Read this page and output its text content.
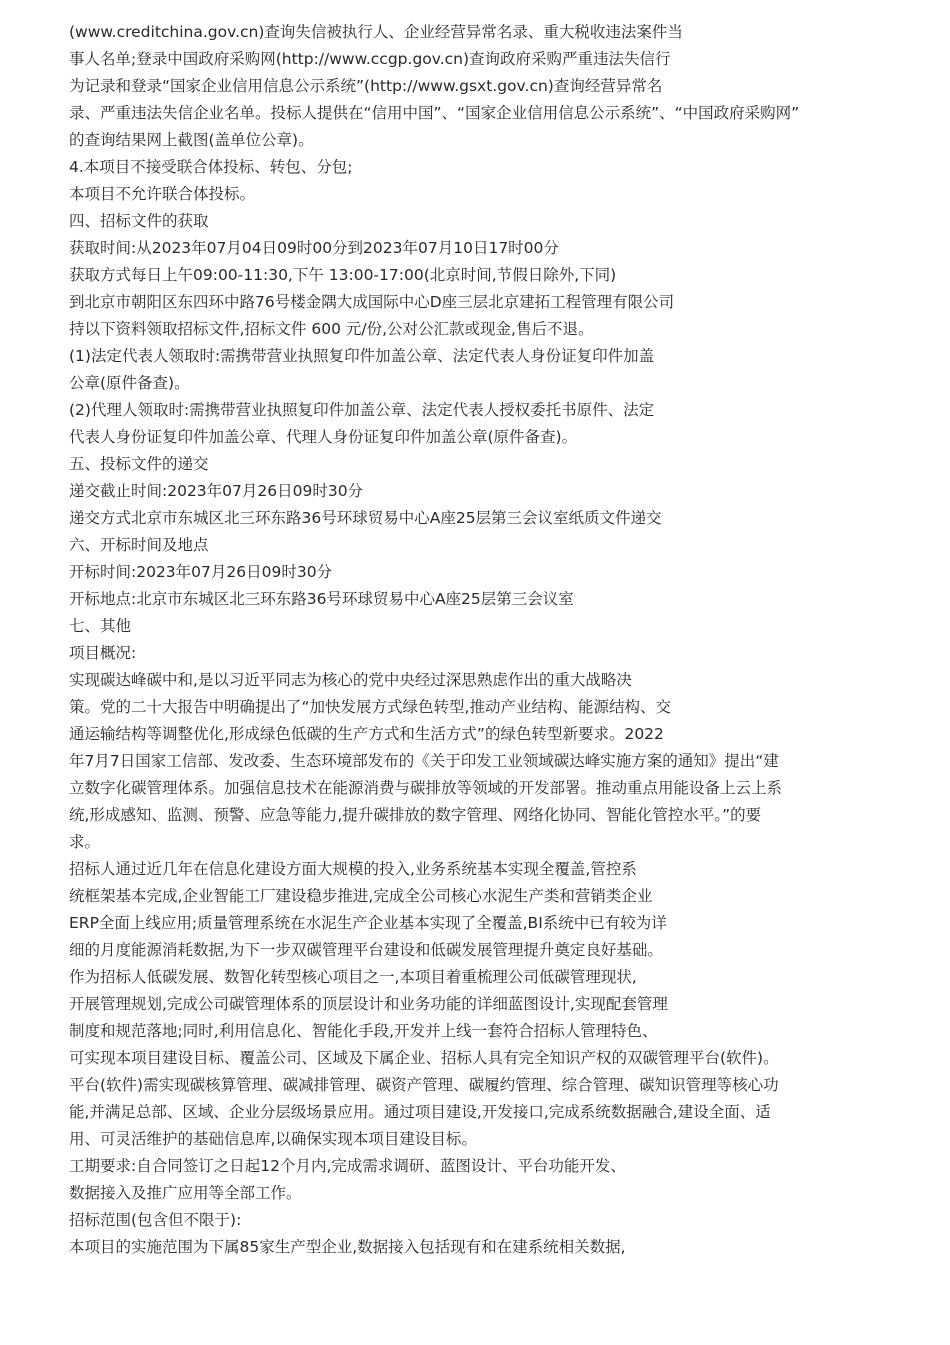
(www.creditchina.gov.cn)查询失信被执行人、企业经营异常名录、重大税收违法案件当
事人名单;登录中国政府采购网(http://www.ccgp.gov.cn)查询政府采购严重违法失信行
为记录和登录“国家企业信用信息公示系统”(http://www.gsxt.gov.cn)查询经营异常名
录、严重违法失信企业名单。投标人提供在“信用中国”、“国家企业信用信息公示系统”、“中国政府采购网”
的查询结果网上截图(盖单位公章)。
4.本项目不接受联合体投标、转包、分包;
本项目不允许联合体投标。
四、招标文件的获取
获取时间:从2023年07月04日09时00分到2023年07月10日17时00分
获取方式每日上午09:00-11:30,下午 13:00-17:00(北京时间,节假日除外,下同)
到北京市朝阳区东四环中路76号楼金隅大成国际中心D座三层北京建拓工程管理有限公司
持以下资料领取招标文件,招标文件 600 元/份,公对公汇款或现金,售后不退。
(1)法定代表人领取时:需携带营业执照复印件加盖公章、法定代表人身份证复印件加盖
公章(原件备查)。
(2)代理人领取时:需携带营业执照复印件加盖公章、法定代表人授权委托书原件、法定
代表人身份证复印件加盖公章、代理人身份证复印件加盖公章(原件备查)。
五、投标文件的递交
递交截止时间:2023年07月26日09时30分
递交方式北京市东城区北三环东路36号环球贸易中心A座25层第三会议室纸质文件递交
六、开标时间及地点
开标时间:2023年07月26日09时30分
开标地点:北京市东城区北三环东路36号环球贸易中心A座25层第三会议室
七、其他
项目概况:
实现碳达峰碳中和,是以习近平同志为核心的党中央经过深思熟虑作出的重大战略决
策。党的二十大报告中明确提出了“加快发展方式绿色转型,推动产业结构、能源结构、交
通运输结构等调整优化,形成绿色低碳的生产方式和生活方式”的绿色转型新要求。2022
年7月7日国家工信部、发改委、生态环境部发布的《关于印发工业领域碳达峰实施方案的通知》提出“建
立数字化碳管理体系。加强信息技术在能源消费与碳排放等领域的开发部署。推动重点用能设备上云上系
统,形成感知、监测、预警、应急等能力,提升碳排放的数字管理、网络化协同、智能化管控水平。”的要
求。
招标人通过近几年在信息化建设方面大规模的投入,业务系统基本实现全覆盖,管控系
统框架基本完成,企业智能工厂建设稳步推进,完成全公司核心水泥生产类和营销类企业
ERP全面上线应用;质量管理系统在水泥生产企业基本实现了全覆盖,BI系统中已有较为详
细的月度能源消耗数据,为下一步双碳管理平台建设和低碳发展管理提升奠定良好基础。
作为招标人低碳发展、数智化转型核心项目之一,本项目着重梳理公司低碳管理现状,
开展管理规划,完成公司碳管理体系的顶层设计和业务功能的详细蓝图设计,实现配套管理
制度和规范落地;同时,利用信息化、智能化手段,开发并上线一套符合招标人管理特色、
可实现本项目建设目标、覆盖公司、区域及下属企业、招标人具有完全知识产权的双碳管理平台(软件)。
平台(软件)需实现碳核算管理、碳减排管理、碳资产管理、碳履约管理、综合管理、碳知识管理等核心功
能,并满足总部、区域、企业分层级场景应用。通过项目建设,开发接口,完成系统数据融合,建设全面、适
用、可灵活维护的基础信息库,以确保实现本项目建设目标。
工期要求:自合同签订之日起12个月内,完成需求调研、蓝图设计、平台功能开发、
数据接入及推广应用等全部工作。
招标范围(包含但不限于):
本项目的实施范围为下属85家生产型企业,数据接入包括现有和在建系统相关数据,
